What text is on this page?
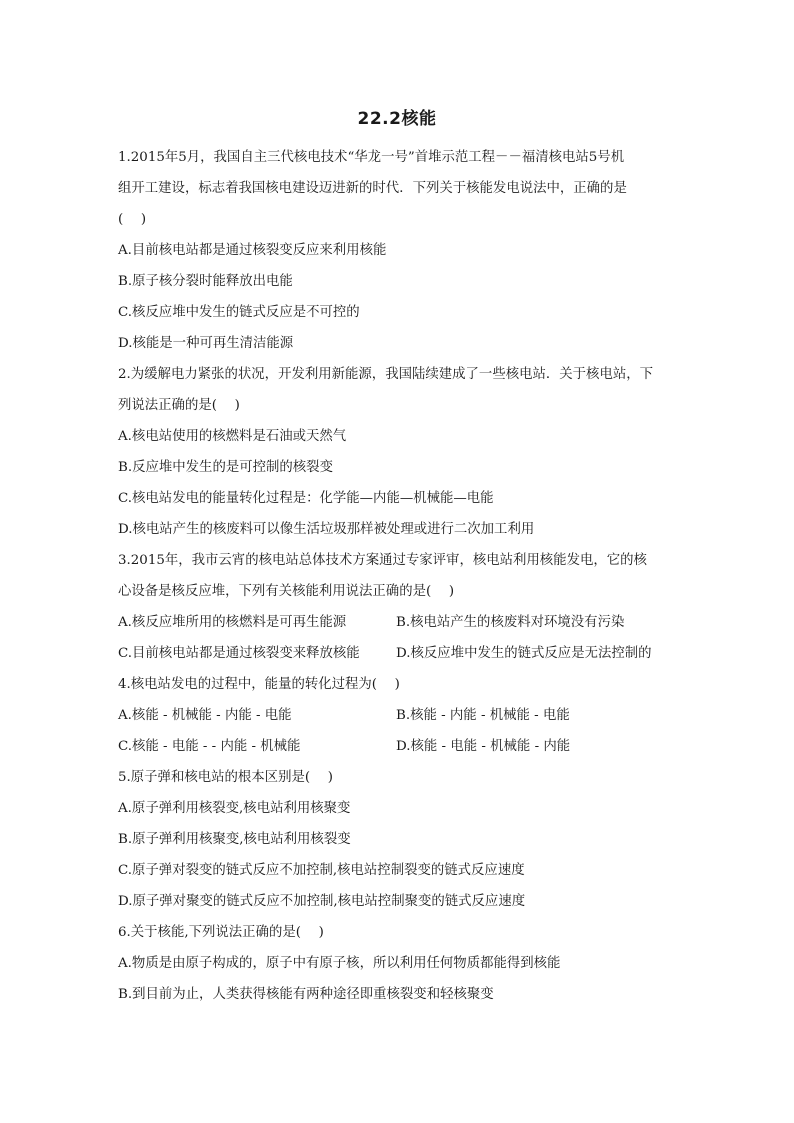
22.2核能
1.2015年5月，我国自主三代核电技术“华龙一号”首堆示范工程－－福清核电站5号机
组开工建设，标志着我国核电建设迈进新的时代．下列关于核能发电说法中，正确的是
(　 )
A.目前核电站都是通过核裂变反应来利用核能
B.原子核分裂时能释放出电能
C.核反应堆中发生的链式反应是不可控的
D.核能是一种可再生清洁能源
2.为缓解电力紧张的状况，开发利用新能源，我国陆续建成了一些核电站．关于核电站，下
列说法正确的是(　 )
A.核电站使用的核燃料是石油或天然气
B.反应堆中发生的是可控制的核裂变
C.核电站发电的能量转化过程是：化学能—内能—机械能—电能
D.核电站产生的核废料可以像生活垃圾那样被处理或进行二次加工利用
3.2015年，我市云宵的核电站总体技术方案通过专家评审，核电站利用核能发电，它的核
心设备是核反应堆，下列有关核能利用说法正确的是(　 )
A.核反应堆所用的核燃料是可再生能源	B.核电站产生的核废料对环境没有污染
C.目前核电站都是通过核裂变来释放核能	D.核反应堆中发生的链式反应是无法控制的
4.核电站发电的过程中，能量的转化过程为(　 )
A.核能 - 机械能 - 内能 - 电能	B.核能 - 内能 - 机械能 - 电能
C.核能 - 电能 - - 内能 - 机械能	D.核能 - 电能 - 机械能 - 内能
5.原子弹和核电站的根本区别是(　 )
A.原子弹利用核裂变,核电站利用核聚变
B.原子弹利用核聚变,核电站利用核裂变
C.原子弹对裂变的链式反应不加控制,核电站控制裂变的链式反应速度
D.原子弹对聚变的链式反应不加控制,核电站控制聚变的链式反应速度
6.关于核能,下列说法正确的是(　 )
A.物质是由原子构成的，原子中有原子核，所以利用任何物质都能得到核能
B.到目前为止，人类获得核能有两种途径即重核裂变和轻核聚变
